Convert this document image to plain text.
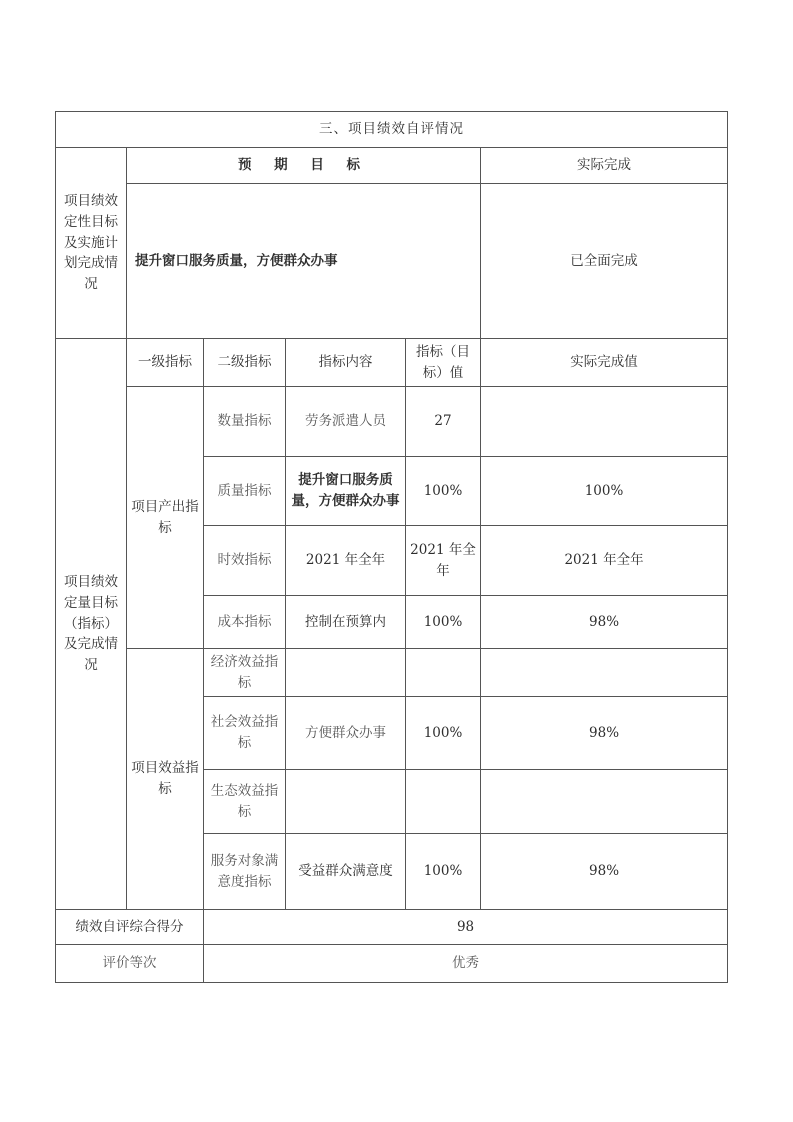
三、项目绩效自评情况					
项目绩效定性目标及实施计划完成情况	预 期 目 标				实际完成
	提升窗口服务质量，方便群众办事				已全面完成
项目绩效定量目标（指标）及完成情况	一级指标	二级指标	指标内容	指标（目标）值	实际完成值
	项目产出指标	数量指标	劳务派遣人员	27	
		质量指标	提升窗口服务质量，方便群众办事	100%	100%
		时效指标	2021 年全年	2021 年全年	2021 年全年
		成本指标	控制在预算内	100%	98%
	项目效益指标	经济效益指标			
		社会效益指标	方便群众办事	100%	98%
		生态效益指标			
		服务对象满意度指标	受益群众满意度	100%	98%
绩效自评综合得分		98			
评价等次		优秀			
